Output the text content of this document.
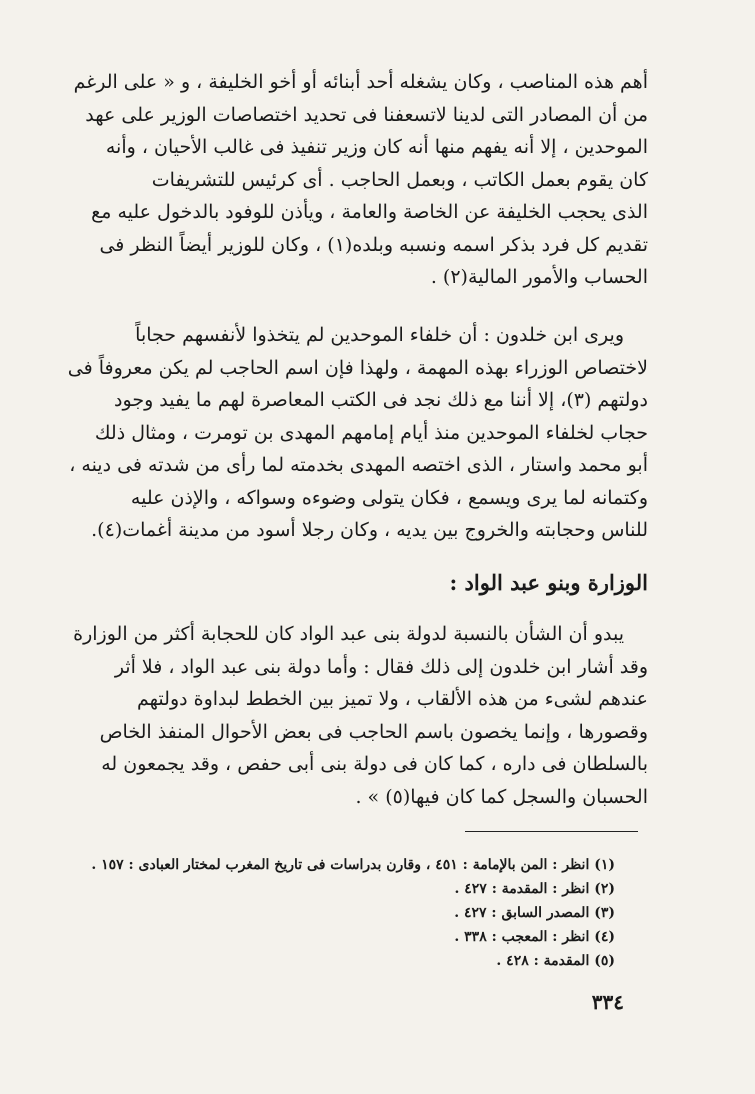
أهم هذه المناصب ، وكان يشغله أحد أبنائه أو أخو الخليفة ، و « على الرغم
من أن المصادر التى لدينا لاتسعفنا فى تحديد اختصاصات الوزير على عهد
الموحدين ، إلا أنه يفهم منها أنه كان وزير تنفيذ فى غالب الأحيان ، وأنه
كان يقوم بعمل الكاتب ، وبعمل الحاجب . أى كرئيس للتشريفات
الذى يحجب الخليفة عن الخاصة والعامة ، ويأذن للوفود بالدخول عليه مع
تقديم كل فرد بذكر اسمه ونسبه وبلده(١) ، وكان للوزير أيضاً النظر فى
الحساب والأمور المالية(٢) .
ويرى ابن خلدون : أن خلفاء الموحدين لم يتخذوا لأنفسهم حجاباً
لاختصاص الوزراء بهذه المهمة ، ولهذا فإن اسم الحاجب لم يكن معروفاً فى
دولتهم (٣)، إلا أننا مع ذلك نجد فى الكتب المعاصرة لهم ما يفيد وجود
حجاب لخلفاء الموحدين منذ أيام إمامهم المهدى بن تومرت ، ومثال ذلك
أبو محمد واستار ، الذى اختصه المهدى بخدمته لما رأى من شدته فى دينه ،
وكتمانه لما يرى ويسمع ، فكان يتولى وضوءه وسواكه ، والإذن عليه
للناس وحجابته والخروج بين يديه ، وكان رجلا أسود من مدينة أغمات(٤).
الوزارة وبنو عبد الواد :
يبدو أن الشأن بالنسبة لدولة بنى عبد الواد كان للحجابة أكثر من الوزارة
وقد أشار ابن خلدون إلى ذلك فقال : وأما دولة بنى عبد الواد ، فلا أثر
عندهم لشىء من هذه الألقاب ، ولا تميز بين الخطط لبداوة دولتهم
وقصورها ، وإنما يخصون باسم الحاجب فى بعض الأحوال المنفذ الخاص
بالسلطان فى داره ، كما كان فى دولة بنى أبى حفص ، وقد يجمعون له
الحسبان والسجل كما كان فيها(٥) » .
(١) انظر : المن بالإمامة : ٤٥١ ، وقارن بدراسات فى تاريخ المغرب لمختار العبادى : ١٥٧ .
(٢) انظر : المقدمة : ٤٢٧ .
(٣) المصدر السابق : ٤٢٧ .
(٤) انظر : المعجب : ٣٣٨ .
(٥) المقدمة : ٤٢٨ .
٣٣٤
